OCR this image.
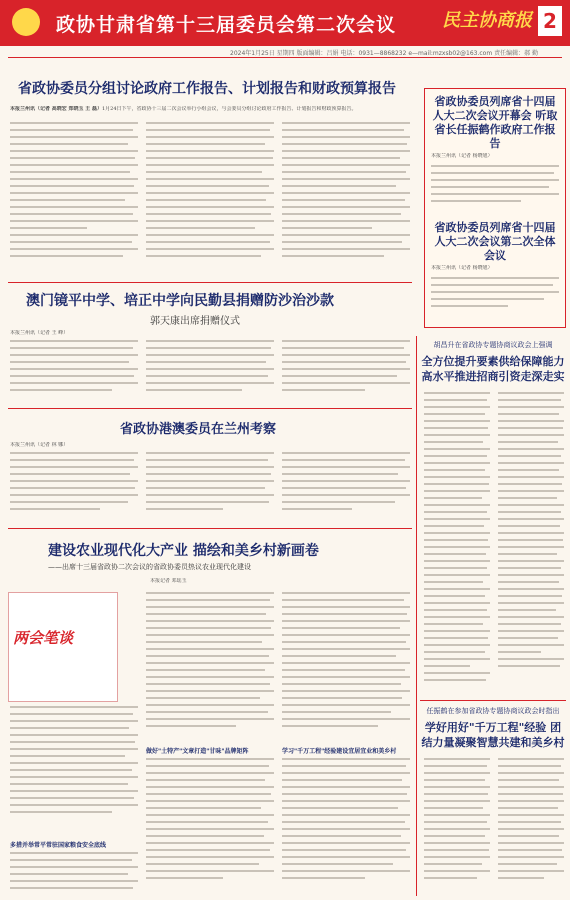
政协甘肃省第十三届委员会第二次会议	民主协商报 2
2024年1月25日 星期四 版面编辑：吕娟 电话：0931—8868232 e—mail:mzxsb02@163.com 责任编辑：郝 勤
省政协委员分组讨论政府工作报告、计划报告和财政预算报告
本报兰州讯（记者 高晓宏 郑晓玉 王 磊）1月24日下午，省政协十三届二次会议举行小组会议，与会委员分组讨论政府工作报告、计划报告和财政预算报告。
省政协委员列席省十四届人大二次会议开幕会 听取省长任振鹤作政府工作报告
本报兰州讯（记者 杨晓旭）
省政协委员列席省十四届人大二次会议第二次全体会议
本报兰州讯（记者 杨晓旭）
澳门镜平中学、培正中学向民勤县捐赠防沙治沙款
郭天康出席捐赠仪式
本报兰州讯（记者 王 峰）
省政协港澳委员在兰州考察
本报兰州讯（记者 林 娜）
建设农业现代化大产业 描绘和美乡村新画卷
——出席十三届省政协二次会议的省政协委员热议农业现代化建设
本报记者 邓瑶玉
两会笔谈
多措并举常平常驻国家粮食安全底线
做好"土特产"文章打造"甘味"品牌矩阵	学习"千万工程"经验建设宜居宜业和美乡村
胡昌升在省政协专题协商议政会上强调
全方位提升要素供给保障能力 高水平推进招商引资走深走实
任振鹤在参加省政协专题协商议政会时指出
学好用好"千万工程"经验 团结力量凝聚智慧共建和美乡村
